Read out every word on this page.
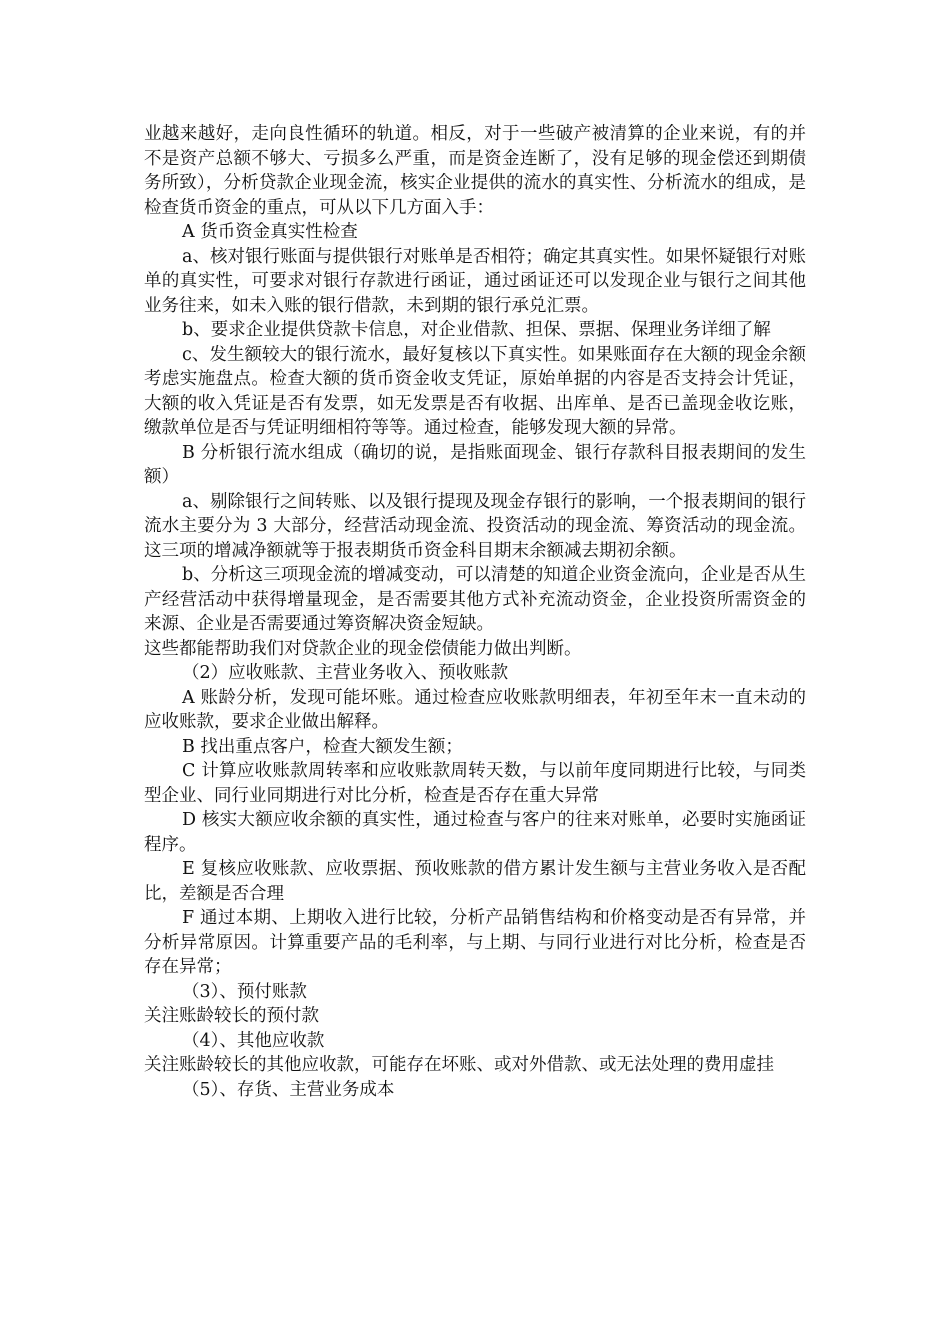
业越来越好，走向良性循环的轨道。相反，对于一些破产被清算的企业来说，有的并不是资产总额不够大、亏损多么严重，而是资金连断了，没有足够的现金偿还到期债务所致），分析贷款企业现金流，核实企业提供的流水的真实性、分析流水的组成，是检查货币资金的重点，可从以下几方面入手：

A 货币资金真实性检查

a、核对银行账面与提供银行对账单是否相符；确定其真实性。如果怀疑银行对账单的真实性，可要求对银行存款进行函证，通过函证还可以发现企业与银行之间其他业务往来，如未入账的银行借款，未到期的银行承兑汇票。

b、要求企业提供贷款卡信息，对企业借款、担保、票据、保理业务详细了解

c、发生额较大的银行流水，最好复核以下真实性。如果账面存在大额的现金余额考虑实施盘点。检查大额的货币资金收支凭证，原始单据的内容是否支持会计凭证，大额的收入凭证是否有发票，如无发票是否有收据、出库单、是否已盖现金收讫账，缴款单位是否与凭证明细相符等等。通过检查，能够发现大额的异常。

B 分析银行流水组成（确切的说，是指账面现金、银行存款科目报表期间的发生额）

a、剔除银行之间转账、以及银行提现及现金存银行的影响，一个报表期间的银行流水主要分为 3 大部分，经营活动现金流、投资活动的现金流、筹资活动的现金流。这三项的增减净额就等于报表期货币资金科目期末余额减去期初余额。

b、分析这三项现金流的增减变动，可以清楚的知道企业资金流向，企业是否从生产经营活动中获得增量现金，是否需要其他方式补充流动资金，企业投资所需资金的来源、企业是否需要通过筹资解决资金短缺。

这些都能帮助我们对贷款企业的现金偿债能力做出判断。

（2）应收账款、主营业务收入、预收账款

A 账龄分析，发现可能坏账。通过检查应收账款明细表，年初至年末一直未动的应收账款，要求企业做出解释。

B 找出重点客户，检查大额发生额；

C 计算应收账款周转率和应收账款周转天数，与以前年度同期进行比较，与同类型企业、同行业同期进行对比分析，检查是否存在重大异常

D 核实大额应收余额的真实性，通过检查与客户的往来对账单，必要时实施函证程序。

E 复核应收账款、应收票据、预收账款的借方累计发生额与主营业务收入是否配比，差额是否合理

F 通过本期、上期收入进行比较，分析产品销售结构和价格变动是否有异常，并分析异常原因。计算重要产品的毛利率，与上期、与同行业进行对比分析，检查是否存在异常；

（3）、预付账款

关注账龄较长的预付款

（4）、其他应收款

关注账龄较长的其他应收款，可能存在坏账、或对外借款、或无法处理的费用虚挂

（5）、存货、主营业务成本
